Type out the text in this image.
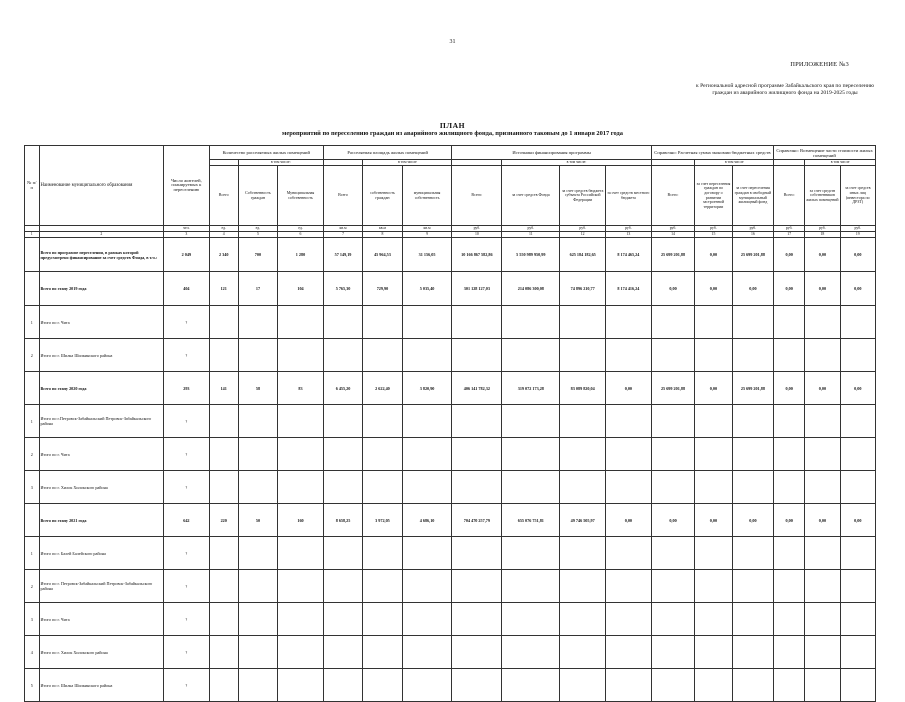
31
ПРИЛОЖЕНИЕ №3
к Региональной адресной программе Забайкальского края по переселению граждан из аварийного жилищного фонда на 2019-2025 годы
ПЛАН
мероприятий по переселению граждан из аварийного жилищного фонда, признанного таковым до 1 января 2017 года
№ п/п	Наименование муниципального образования	Число жителей, планируемых к переселению	Количество расселяемых жилых помещений			Расселяемая площадь жилых помещений			Источники финансирования программы				Справочно: Расчетная сумма экономии бюджетных средств			Справочно: Возмещение части стоимости жилых помещений		
				в том числе:			в том числе			в том числе:				в том числе			в том числе	
			Всего	Собственность граждан	Муниципальная собственность	Всего	собственность граждан	муниципальная собственность	Всего:	за счет средств Фонда	за счет средств бюджета субъекта Российской Федерации	за счет средств местного бюджета	Всего:	за счет переселения граждан по договору о развитии застроенной территории	за счет переселения граждан в свободный муниципальный жилищный фонд	Всего:	за счет средств собственников жилых помещений	за счет средств иных лиц (инвестора по ДРЗТ)
		чел.	ед.	ед.	ед.	кв.м	кв.м	кв.м	руб.	руб.	руб.	руб.	руб.	руб.	руб.	руб.	руб.	руб.
1	2	3	4	5	6	7	8	9	10	11	12	13	14	15	16	17	18	19
	Всего по программе переселения, в рамках которой предусмотрено финансирование за счет средств Фонда, в т.ч.:	2 049	2 340	700	1 280	57 149,19	45 964,53	31 156,05	10 166 867 582,86	5 550 989 950,99	625 184 182,65	8 174 465,24	25 699 201,88	0,00	25 699 201,88	0,00	0,00	0,00
	Всего по этапу 2019 года	404	121	17	104	5 765,30	729,90	5 035,40	301 128 127,03	214 086 300,08	74 896 210,77	8 174 416,24	0,00	0,00	0,00	0,00	0,00	0,00
1	Итого по г. Чита	?																
2	Итого по г. Шилка Шилкинского района	?																
	Всего по этапу 2020 года	293	141	58	83	6 455,20	2 622,40	3 820,90	406 141 782,32	319 072 173,28	83 089 820,04	0,00	25 699 201,88	0,00	25 699 201,88	0,00	0,00	0,00
1	Итого по г.Петровск-Забайкальский Петровск-Забайкальского района	?																
2	Итого по г. Чита	?																
3	Итого по г. Хилок Хилокского района	?																
	Всего по этапу 2021 года	642	220	50	160	8 658,25	3 972,05	4 686,10	704 470 257,79	655 076 751,81	49 746 505,97	0,00	0,00	0,00	0,00	0,00	0,00	0,00
1	Итого по г. Балей Балейского района	?																
2	Итого по г. Петровск-Забайкальский Петровск-Забайкальского района	?																
3	Итого по г. Чита	?																
4	Итого по г. Хилок Хилокского района	?																
5	Итого по г. Шилка Шилкинского района	?																
